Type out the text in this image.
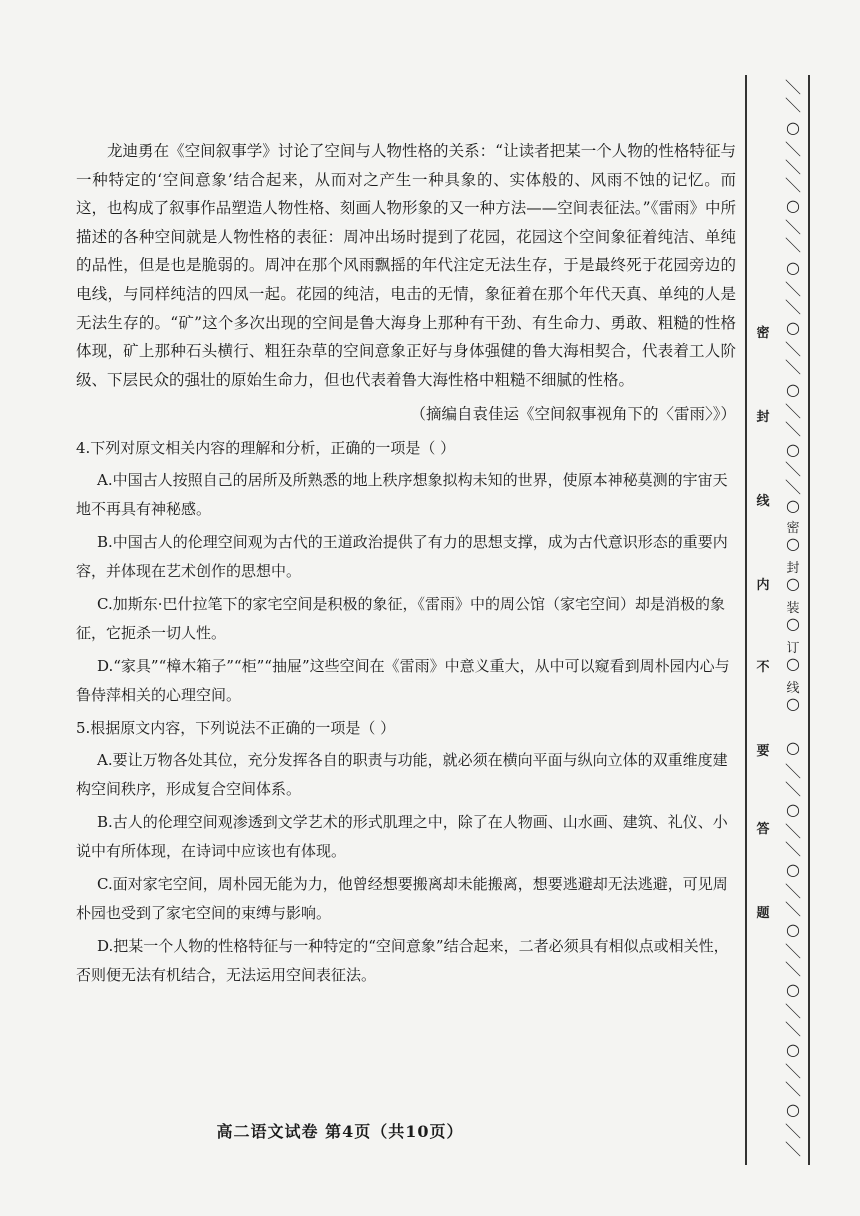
龙迪勇在《空间叙事学》讨论了空间与人物性格的关系：“让读者把某一个人物的性格特征与一种特定的‘空间意象’结合起来，从而对之产生一种具象的、实体般的、风雨不蚀的记忆。而这，也构成了叙事作品塑造人物性格、刻画人物形象的又一种方法——空间表征法。”《雷雨》中所描述的各种空间就是人物性格的表征：周冲出场时提到了花园，花园这个空间象征着纯洁、单纯的品性，但是也是脆弱的。周冲在那个风雨飘摇的年代注定无法生存，于是最终死于花园旁边的电线，与同样纯洁的四凤一起。花园的纯洁，电击的无情，象征着在那个年代天真、单纯的人是无法生存的。“矿”这个多次出现的空间是鲁大海身上那种有干劲、有生命力、勇敢、粗糙的性格体现，矿上那种石头横行、粗狂杂草的空间意象正好与身体强健的鲁大海相契合，代表着工人阶级、下层民众的强壮的原始生命力，但也代表着鲁大海性格中粗糙不细腻的性格。

（摘编自袁佳运《空间叙事视角下的〈雷雨〉》）

4.下列对原文相关内容的理解和分析，正确的一项是（ ）

A.中国古人按照自己的居所及所熟悉的地上秩序想象拟构未知的世界，使原本神秘莫测的宇宙天地不再具有神秘感。

B.中国古人的伦理空间观为古代的王道政治提供了有力的思想支撑，成为古代意识形态的重要内容，并体现在艺术创作的思想中。

C.加斯东·巴什拉笔下的家宅空间是积极的象征，《雷雨》中的周公馆（家宅空间）却是消极的象征，它扼杀一切人性。

D.“家具”“樟木箱子”“柜”“抽屉”这些空间在《雷雨》中意义重大，从中可以窥看到周朴园内心与鲁侍萍相关的心理空间。

5.根据原文内容，下列说法不正确的一项是（ ）

A.要让万物各处其位，充分发挥各自的职责与功能，就必须在横向平面与纵向立体的双重维度建构空间秩序，形成复合空间体系。

B.古人的伦理空间观渗透到文学艺术的形式肌理之中，除了在人物画、山水画、建筑、礼仪、小说中有所体现，在诗词中应该也有体现。

C.面对家宅空间，周朴园无能为力，他曾经想要搬离却未能搬离，想要逃避却无法逃避，可见周朴园也受到了家宅空间的束缚与影响。

D.把某一个人物的性格特征与一种特定的“空间意象”结合起来，二者必须具有相似点或相关性，否则便无法有机结合，无法运用空间表征法。

高二语文试卷 第4页（共10页）
＼
＼
○
＼
＼
＼
○
＼
＼
○
＼
＼
○
＼
＼
○
＼
＼
○
＼
＼
○
○
○
○
○
○
○
＼
＼
○
＼
＼
○
＼
＼
○
＼
＼
○
＼
＼
○
＼
＼
○
＼
＼
密
封
线
内
不
要
答
题
密
封
装
订
线
